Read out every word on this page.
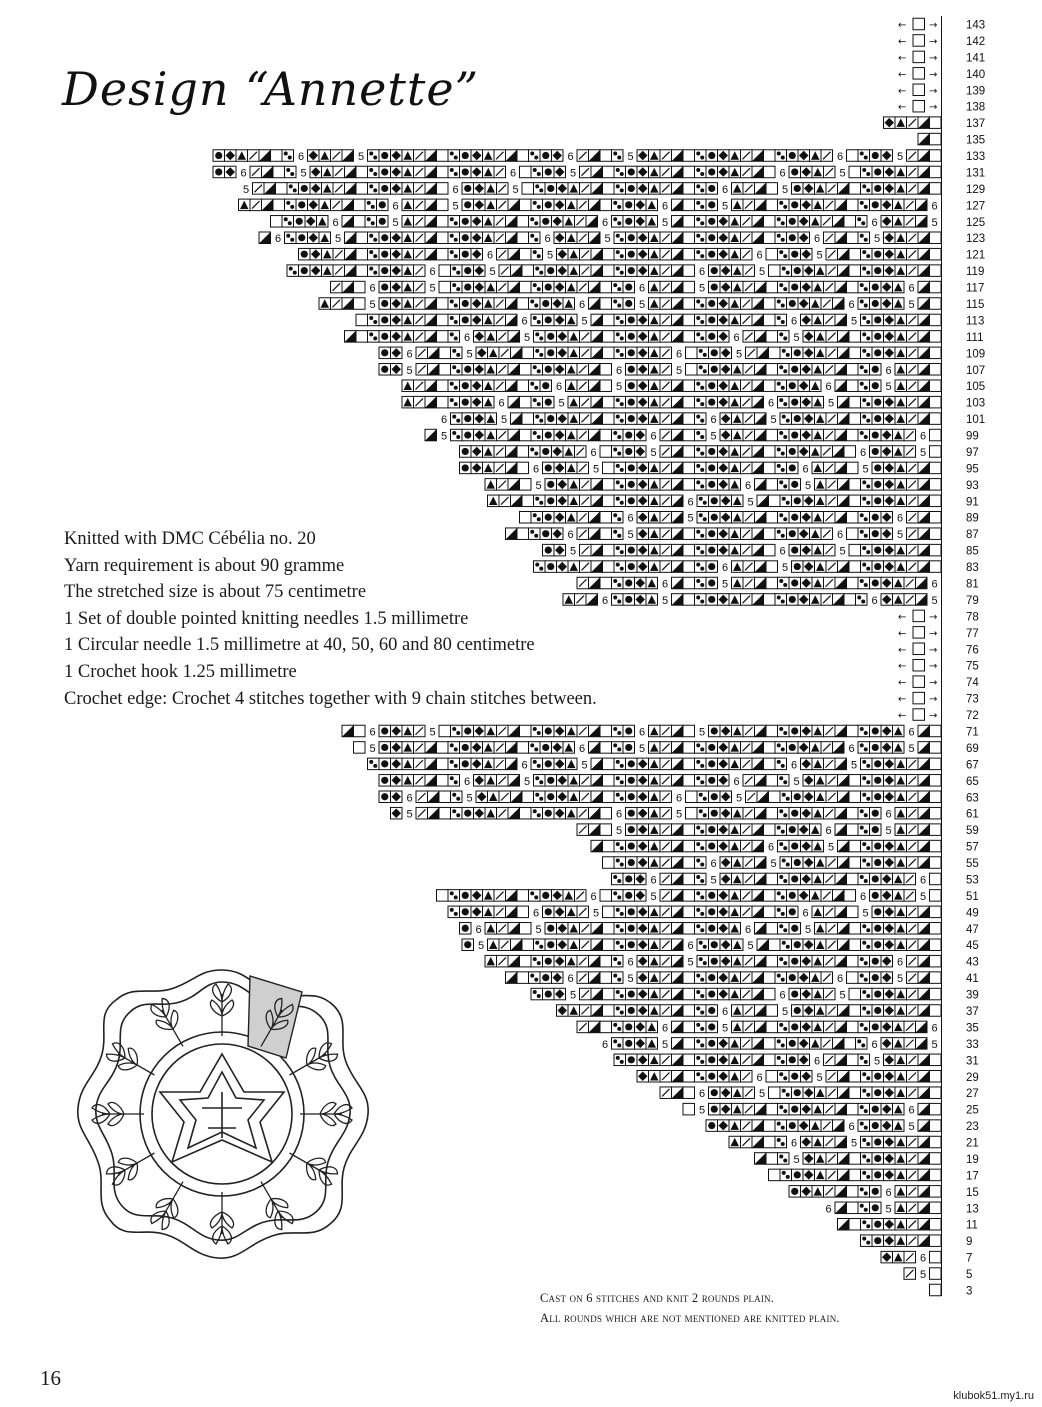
Design “Annette”
Knitted with DMC Cébélia no. 20
Yarn requirement is about 90 gramme
The stretched size is about 75 centimetre
1 Set of double pointed knitting needles 1.5 millimetre
1 Circular needle 1.5 millimetre at 40, 50, 60 and 80 centimetre
1 Crochet hook 1.25 millimetre
Crochet edge: Crochet 4 stitches together with 9 chain stitches between.
143
← →
142
← →
141
← →
140
← →
139
← →
138
← →
137
135
133
5
6
5
6
5
6
131
5
6
5
6
5
6
129
5
6
5
6
5
127
6
5
6
5
6
125
5
6
5
6
5
6
123
5
6
5
6
5
6
121
5
6
5
6
119
5
6
5
6
117
6
5
6
5
6
115
5
6
5
6
5
113
5
6
5
6
111
5
6
5
6
109
5
6
5
6
107
6
5
6
5
105
5
6
5
6
103
5
6
5
6
101
5
6
5
6
99
6
5
6
5
97
5
6
5
6
95
5
6
5
6
93
5
6
5
91
5
6
89
6
5
6
87
5
6
5
6
85
5
6
5
83
5
6
81
6
5
6
79
5
6
5
6
78
← →
77
← →
76
← →
75
← →
74
← →
73
← →
72
← →
71
6
5
6
5
6
69
5
6
5
6
5
67
5
6
5
6
65
5
6
5
6
63
5
6
5
6
61
6
5
6
5
59
5
6
5
57
5
6
55
5
6
53
6
5
6
51
5
6
5
6
49
5
6
5
6
47
5
6
5
6
45
5
6
5
43
6
5
6
41
5
6
5
6
39
5
6
5
37
5
6
35
6
5
6
33
5
6
5
6
31
5
6
29
5
6
27
5
6
25
6
5
23
5
6
21
5
6
19
5
17
15
6
13
5
6
11
9
7
6
5
5
3
Cast on 6 stitches and knit 2 rounds plain.
All rounds which are not mentioned are knitted plain.
16
klubok51.my1.ru
